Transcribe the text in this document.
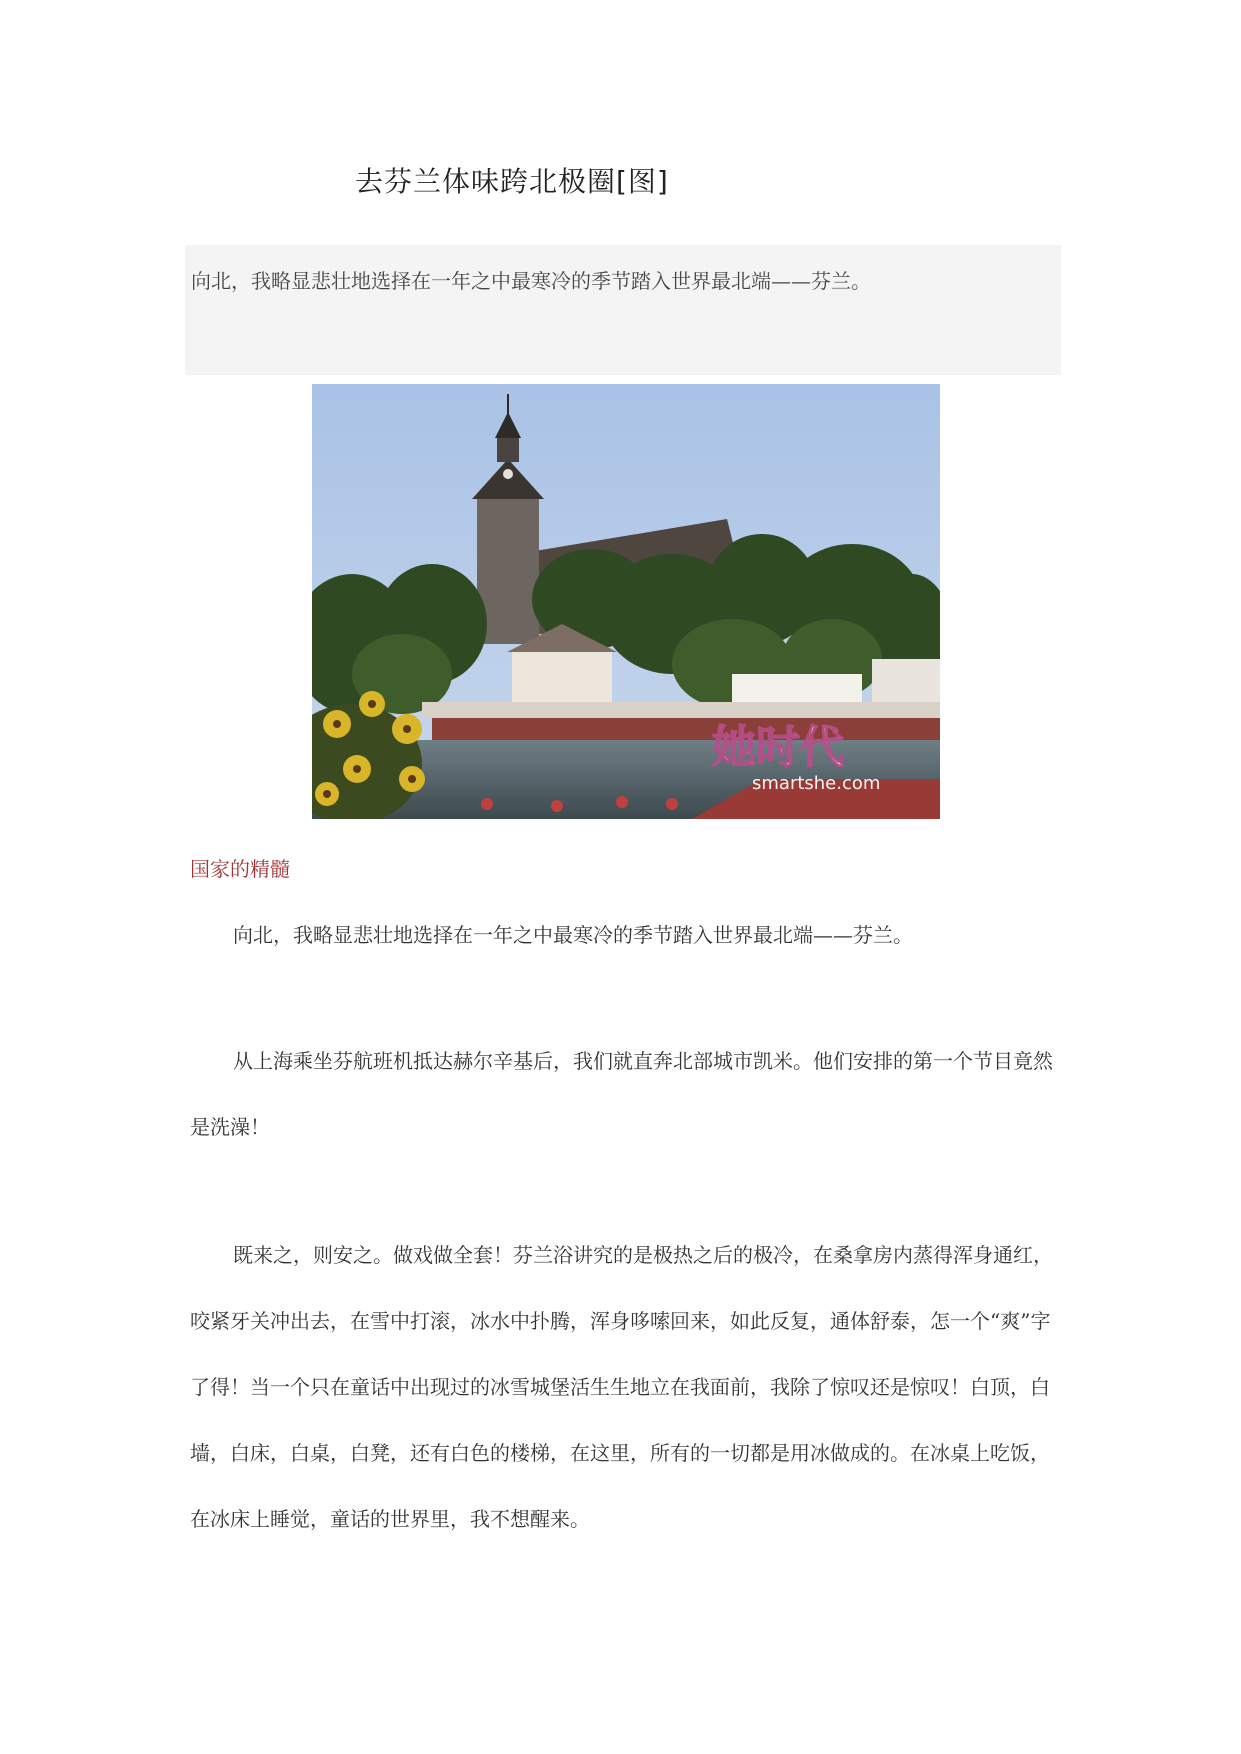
去芬兰体味跨北极圈[图]
向北，我略显悲壮地选择在一年之中最寒冷的季节踏入世界最北端——芬兰。
她时代
smartshe.com
国家的精髓

向北，我略显悲壮地选择在一年之中最寒冷的季节踏入世界最北端——芬兰。

从上海乘坐芬航班机抵达赫尔辛基后，我们就直奔北部城市凯米。他们安排的第一个节目竟然是洗澡！

既来之，则安之。做戏做全套！芬兰浴讲究的是极热之后的极冷，在桑拿房内蒸得浑身通红，咬紧牙关冲出去，在雪中打滚，冰水中扑腾，浑身哆嗦回来，如此反复，通体舒泰，怎一个“爽”字了得！当一个只在童话中出现过的冰雪城堡活生生地立在我面前，我除了惊叹还是惊叹！白顶，白墙，白床，白桌，白凳，还有白色的楼梯，在这里，所有的一切都是用冰做成的。在冰桌上吃饭，在冰床上睡觉，童话的世界里，我不想醒来。
